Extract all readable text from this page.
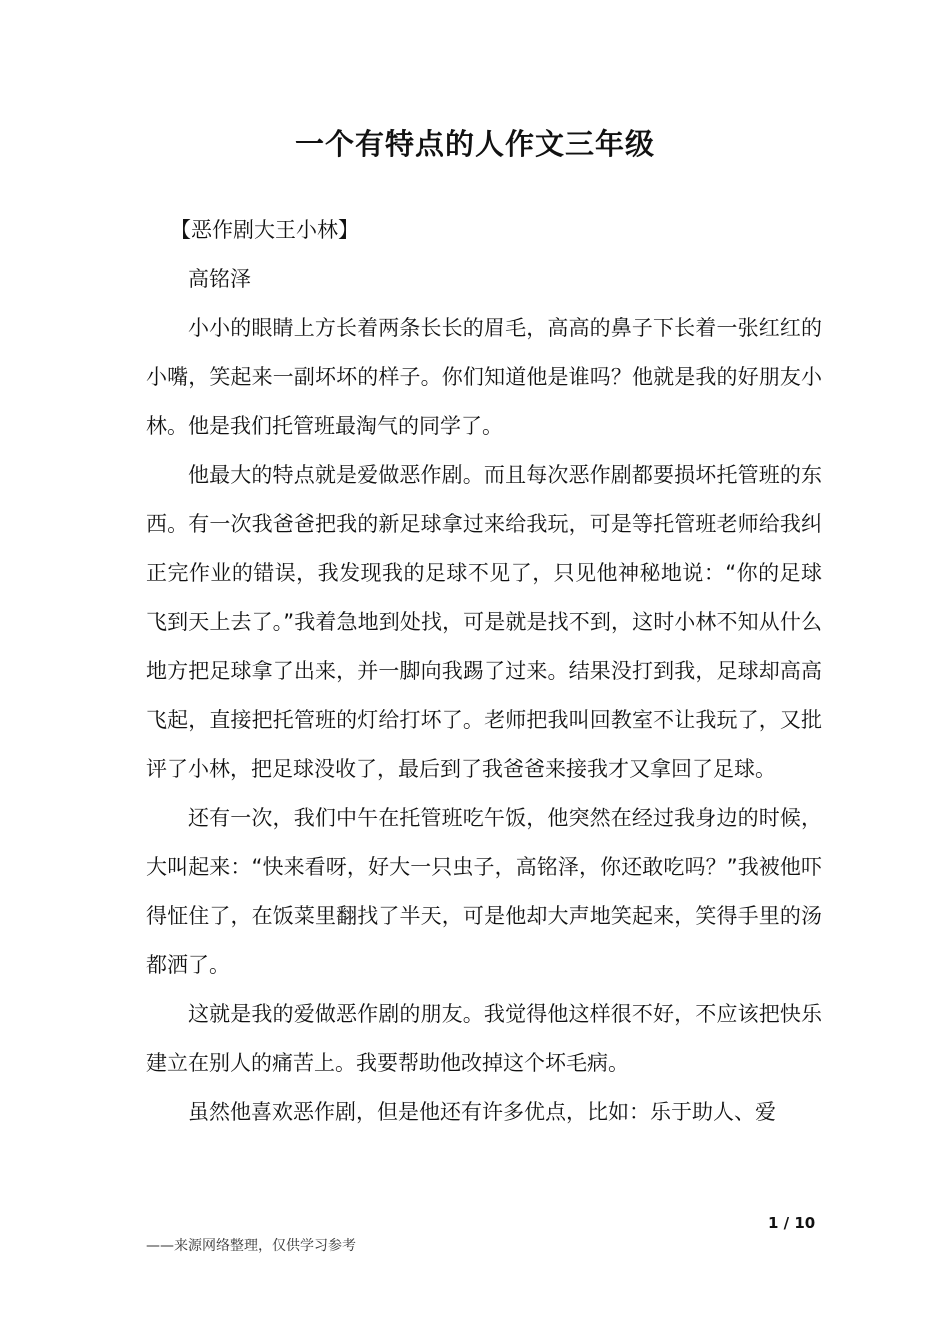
一个有特点的人作文三年级

【恶作剧大王小林】

高铭泽

小小的眼睛上方长着两条长长的眉毛，高高的鼻子下长着一张红红的小嘴，笑起来一副坏坏的样子。你们知道他是谁吗？他就是我的好朋友小林。他是我们托管班最淘气的同学了。

他最大的特点就是爱做恶作剧。而且每次恶作剧都要损坏托管班的东西。有一次我爸爸把我的新足球拿过来给我玩，可是等托管班老师给我纠正完作业的错误，我发现我的足球不见了，只见他神秘地说：“你的足球飞到天上去了。”我着急地到处找，可是就是找不到，这时小林不知从什么地方把足球拿了出来，并一脚向我踢了过来。结果没打到我，足球却高高飞起，直接把托管班的灯给打坏了。老师把我叫回教室不让我玩了，又批评了小林，把足球没收了，最后到了我爸爸来接我才又拿回了足球。

还有一次，我们中午在托管班吃午饭，他突然在经过我身边的时候，大叫起来：“快来看呀，好大一只虫子，高铭泽，你还敢吃吗？”我被他吓得怔住了，在饭菜里翻找了半天，可是他却大声地笑起来，笑得手里的汤都洒了。

这就是我的爱做恶作剧的朋友。我觉得他这样很不好，不应该把快乐建立在别人的痛苦上。我要帮助他改掉这个坏毛病。

虽然他喜欢恶作剧，但是他还有许多优点，比如：乐于助人、爱

1 / 10
——来源网络整理，仅供学习参考
